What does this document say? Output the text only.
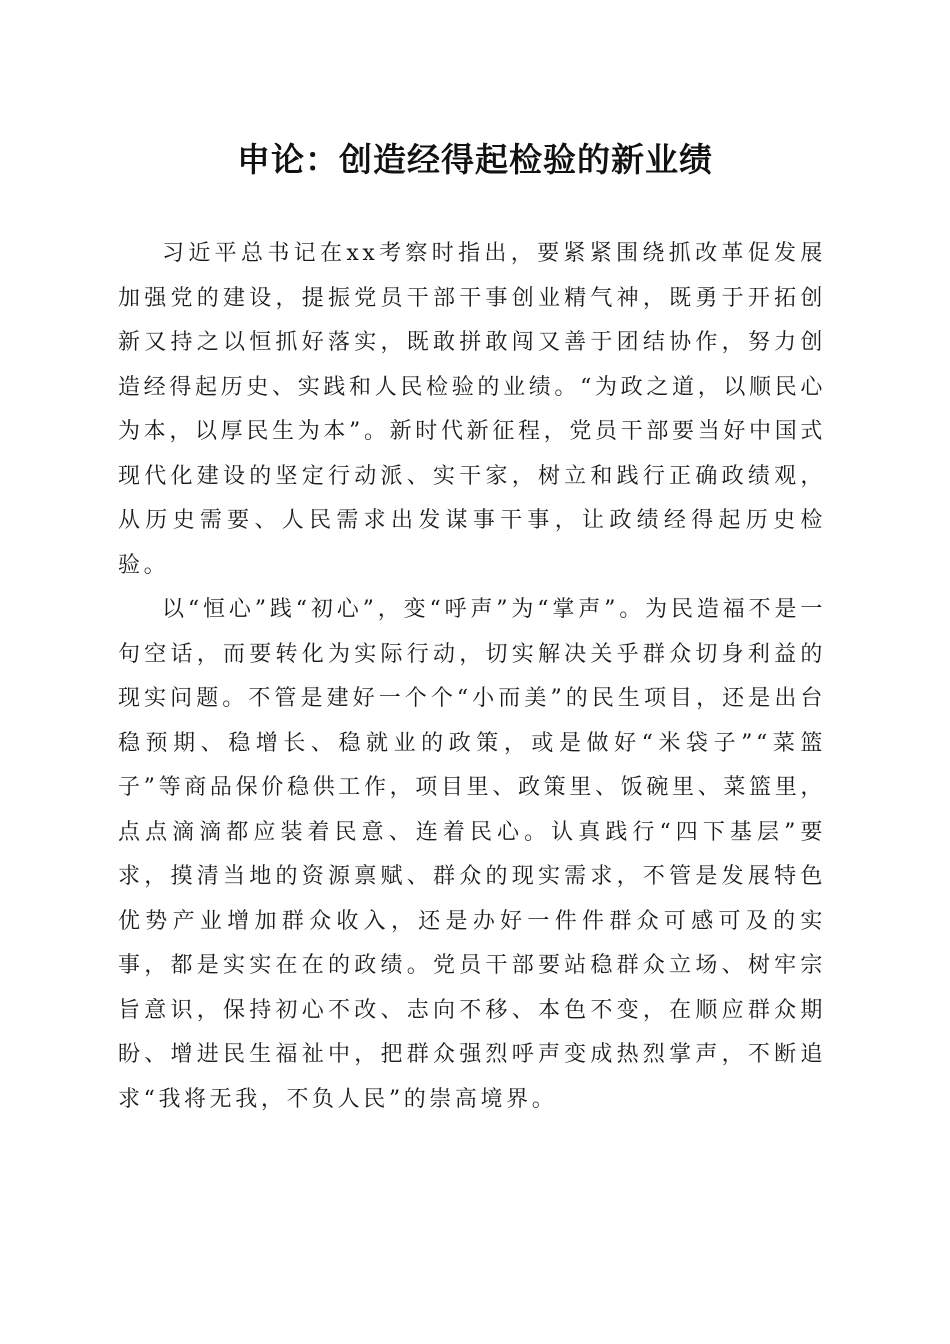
申论：创造经得起检验的新业绩

习近平总书记在xx考察时指出，要紧紧围绕抓改革促发展加强党的建设，提振党员干部干事创业精气神，既勇于开拓创新又持之以恒抓好落实，既敢拼敢闯又善于团结协作，努力创造经得起历史、实践和人民检验的业绩。“为政之道，以顺民心为本，以厚民生为本”。新时代新征程，党员干部要当好中国式现代化建设的坚定行动派、实干家，树立和践行正确政绩观，从历史需要、人民需求出发谋事干事，让政绩经得起历史检验。

以“恒心”践“初心”，变“呼声”为“掌声”。为民造福不是一句空话，而要转化为实际行动，切实解决关乎群众切身利益的现实问题。不管是建好一个个“小而美”的民生项目，还是出台稳预期、稳增长、稳就业的政策，或是做好“米袋子”“菜篮子”等商品保价稳供工作，项目里、政策里、饭碗里、菜篮里，点点滴滴都应装着民意、连着民心。认真践行“四下基层”要求，摸清当地的资源禀赋、群众的现实需求，不管是发展特色优势产业增加群众收入，还是办好一件件群众可感可及的实事，都是实实在在的政绩。党员干部要站稳群众立场、树牢宗旨意识，保持初心不改、志向不移、本色不变，在顺应群众期盼、增进民生福祉中，把群众强烈呼声变成热烈掌声，不断追求“我将无我，不负人民”的崇高境界。
